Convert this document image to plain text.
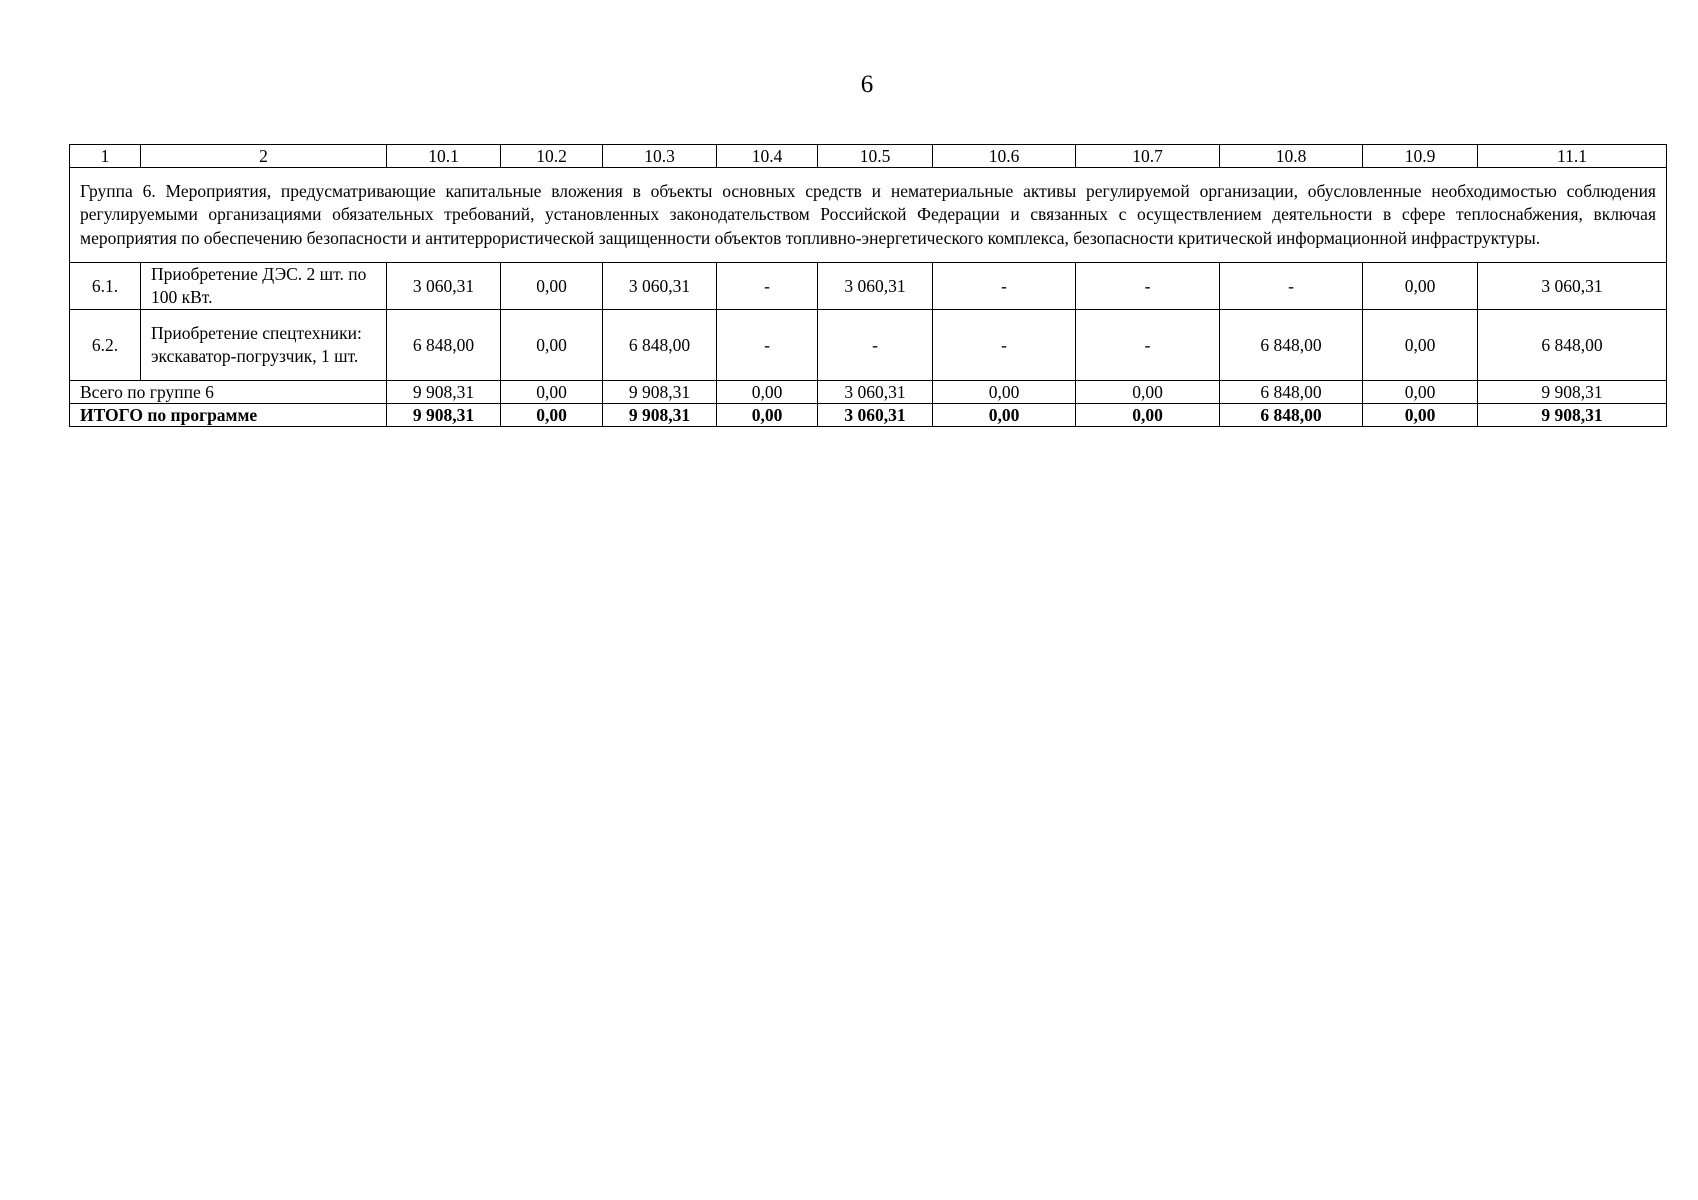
6
1	2	10.1	10.2	10.3	10.4	10.5	10.6	10.7	10.8	10.9	11.1
Группа 6. Мероприятия, предусматривающие капитальные вложения в объекты основных средств и нематериальные активы регулируемой организации, обусловленные необходимостью соблюдения регулируемыми организациями обязательных требований, установленных законодательством Российской Федерации и связанных с осуществлением деятельности в сфере теплоснабжения, включая мероприятия по обеспечению безопасности и антитеррористической защищенности объектов топливно-энергетического комплекса, безопасности критической информационной инфраструктуры.											
6.1.	Приобретение ДЭС. 2 шт. по 100 кВт.	3 060,31	0,00	3 060,31	-	3 060,31	-	-	-	0,00	3 060,31
6.2.	Приобретение спецтехники: экскаватор-погрузчик, 1 шт.	6 848,00	0,00	6 848,00	-	-	-	-	6 848,00	0,00	6 848,00
Всего по группе 6		9 908,31	0,00	9 908,31	0,00	3 060,31	0,00	0,00	6 848,00	0,00	9 908,31
ИТОГО по программе		9 908,31	0,00	9 908,31	0,00	3 060,31	0,00	0,00	6 848,00	0,00	9 908,31
